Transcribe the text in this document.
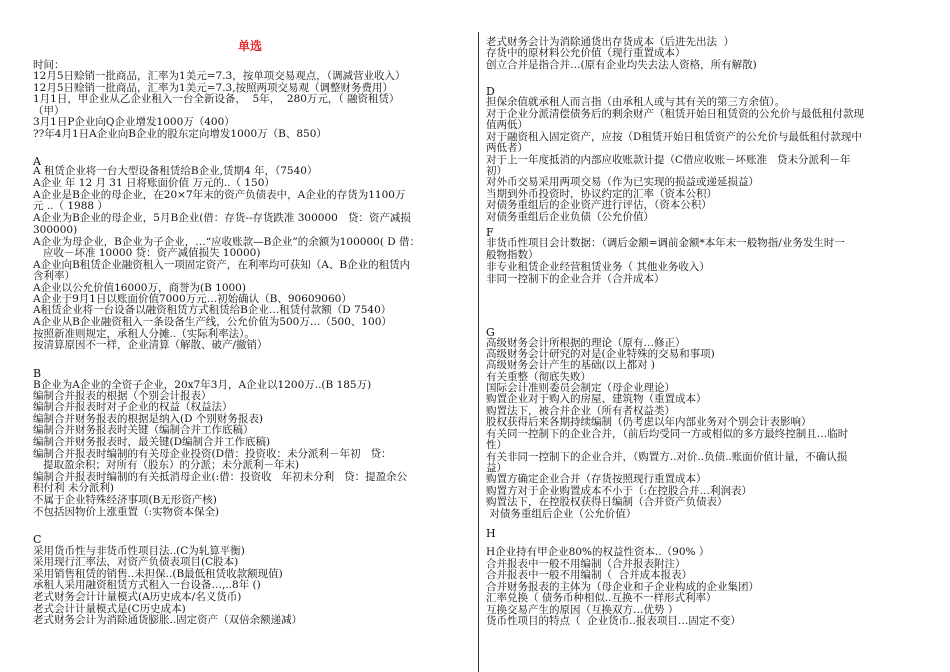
单选
时间：
12月5日赊销一批商品，汇率为1美元=7.3，按单项交易观点，（调减营业收入）
12月5日赊销一批商品，汇率为1美元=7.3,按照两项交易观（调整财务费用）
1月1日，甲企业从乙企业租入一台全新设备，  5年，  280万元，（ 融资租赁）
（甲）
3月1日P企业向Q企业增发1000万（400）
??年4月1日A企业向B企业的股东定向增发1000万（B、850）
A
A 租赁企业将一台大型设备租赁给B企业,赁期4 年，（7540）
A企业 年 12 月 31 日将账面价值 万元的..（ 150）
A企业是B企业的母企业，在20×7年末的资产负债表中，A企业的存货为1100万
元 ..（ 1988 ）
A企业为B企业的母企业，5月B企业(借：存货--存货跌准 300000   贷：资产减损
300000)
A企业为母企业，B企业为子企业，…“应收账款—B企业”的余额为100000( D 借：
应收－坏准 10000 贷：资产减值损失 10000)
A企业向B租赁企业融资租入一项固定资产，在利率均可获知（A、B企业的租赁内
含利率）
A企业以公允价值16000万，商誉为(B 1000)
A企业于9月1日以账面价值7000万元…初始确认（B、90609060）
A租赁企业将一台设备以融资租赁方式租赁给B企业…租赁付款额（D 7540）
A企业从B企业融资租入一条设备生产线，公允价值为500万…（500、100）
按照新准则规定，承租人分摊..（实际利率法）。
按清算原因不一样，企业清算（解散、破产/撤销）
B
B企业为A企业的全资子企业，20x7年3月，A企业以1200万..(B 185万)
编制合并报表的根据（个别会计报表）
编制合并报表时对子企业的权益（权益法）
编制合并财务报表的根据是纳入(D 个别财务报表)
编制合并财务报表时关键（编制合并工作底稿）
编制合并财务报表时，最关键(D编制合并工作底稿)
编制合并报表时编制的有关母企业投资(D借：投资收：未分派利－年初   贷：
提取盈余积；对所有（股东）的分派；未分派利－年末)
编制合并报表时编制的有关抵消母企业(:借：投资收   年初未分利   贷：提盈余公
积付利 未分派利)
不属于企业特殊经济事项(B无形资产核)
不包括因物价上涨重置（:实物资本保全)
C
采用货币性与非货币性项目法..(C为轧算平衡)
采用现行汇率法，对资产负债表项目(C股本)
采用销售租赁的销售..未担保..(B最低租赁收款额现值)
承租人采用融资租赁方式租入一台设备…,..8年 ()
老式财务会计计量模式(A历史成本/名义货币)
老式会计计量模式是(C历史成本)
老式财务会计为消除通货膨胀..固定资产（双倍余额递减）
老式财务会计为消除通货出存货成本（后进先出法  ）
存货中的原材料公允价值（现行重置成本）
创立合并是指合并…(原有企业均失去法人资格，所有解散)
D
担保余值就承租人而言指（由承租人或与其有关的第三方余值）。
对于企业分派清偿债务后的剩余财产（租赁开始日租赁资的公允价与最低租付款现
值两低）
对于融资租入固定资产，应按（D租赁开始日租赁资产的公允价与最低租付款现中
两低者）
对于上一年度抵消的内部应收账款计提（C借应收账－坏账准   贷未分派利－年
初）
对外币交易采用两项交易（作为已实现的损益或递延损益）
当期到外币投资时，协议约定的汇率（资本公积）
对债务重组后的企业资产进行评估，（资本公积）
对债务重组后企业负债（公允价值）
F
非货币性项目会计数据：（调后金额=调前金额*本年末一般物指/业务发生时一
般物指数）
非专业租赁企业经营租赁业务（ 其他业务收入）
非同一控制下的企业合并（合并成本）
G
高级财务会计所根据的理论（原有…修正）
高级财务会计研究的对是(企业特殊的交易和事项)
高级财务会计产生的基础(以上都对 )
有关重整（彻底失败）
国际会计准则委员会制定（母企业理论）
购置企业对于购入的房屋、建筑物（重置成本）
购置法下，被合并企业（所有者权益类）
股权获得后来各期持续编制（仍考虑以年内部业务对个别会计表影响）
有关同一控制下的企业合并，（前后均受同一方或相似的多方最终控制且…临时
性）
有关非同一控制下的企业合并，（购置方..对价..负债..账面价值计量，不确认损
益）
购置方确定企业合并（存货按照现行重置成本）
购置方对于企业购置成本不小于（:在控股合并…利润表）
购置法下，在控股权获得日编制（合并资产负债表）
对债务重组后企业（公允价值）
H
H企业持有甲企业80%的权益性资本..（90% ）
合并报表中一般不用编制（合并报表附注）
合并报表中一般不用编制（  合并成本报表）
合并财务报表的主体为（母企业和子企业构成的企业集团）
汇率兑换（ 债务币种相似..互换不一样形式利率）
互换交易产生的原因（互换双方…优势 ）
货币性项目的特点（  企业货币..报表项目…固定不变）
